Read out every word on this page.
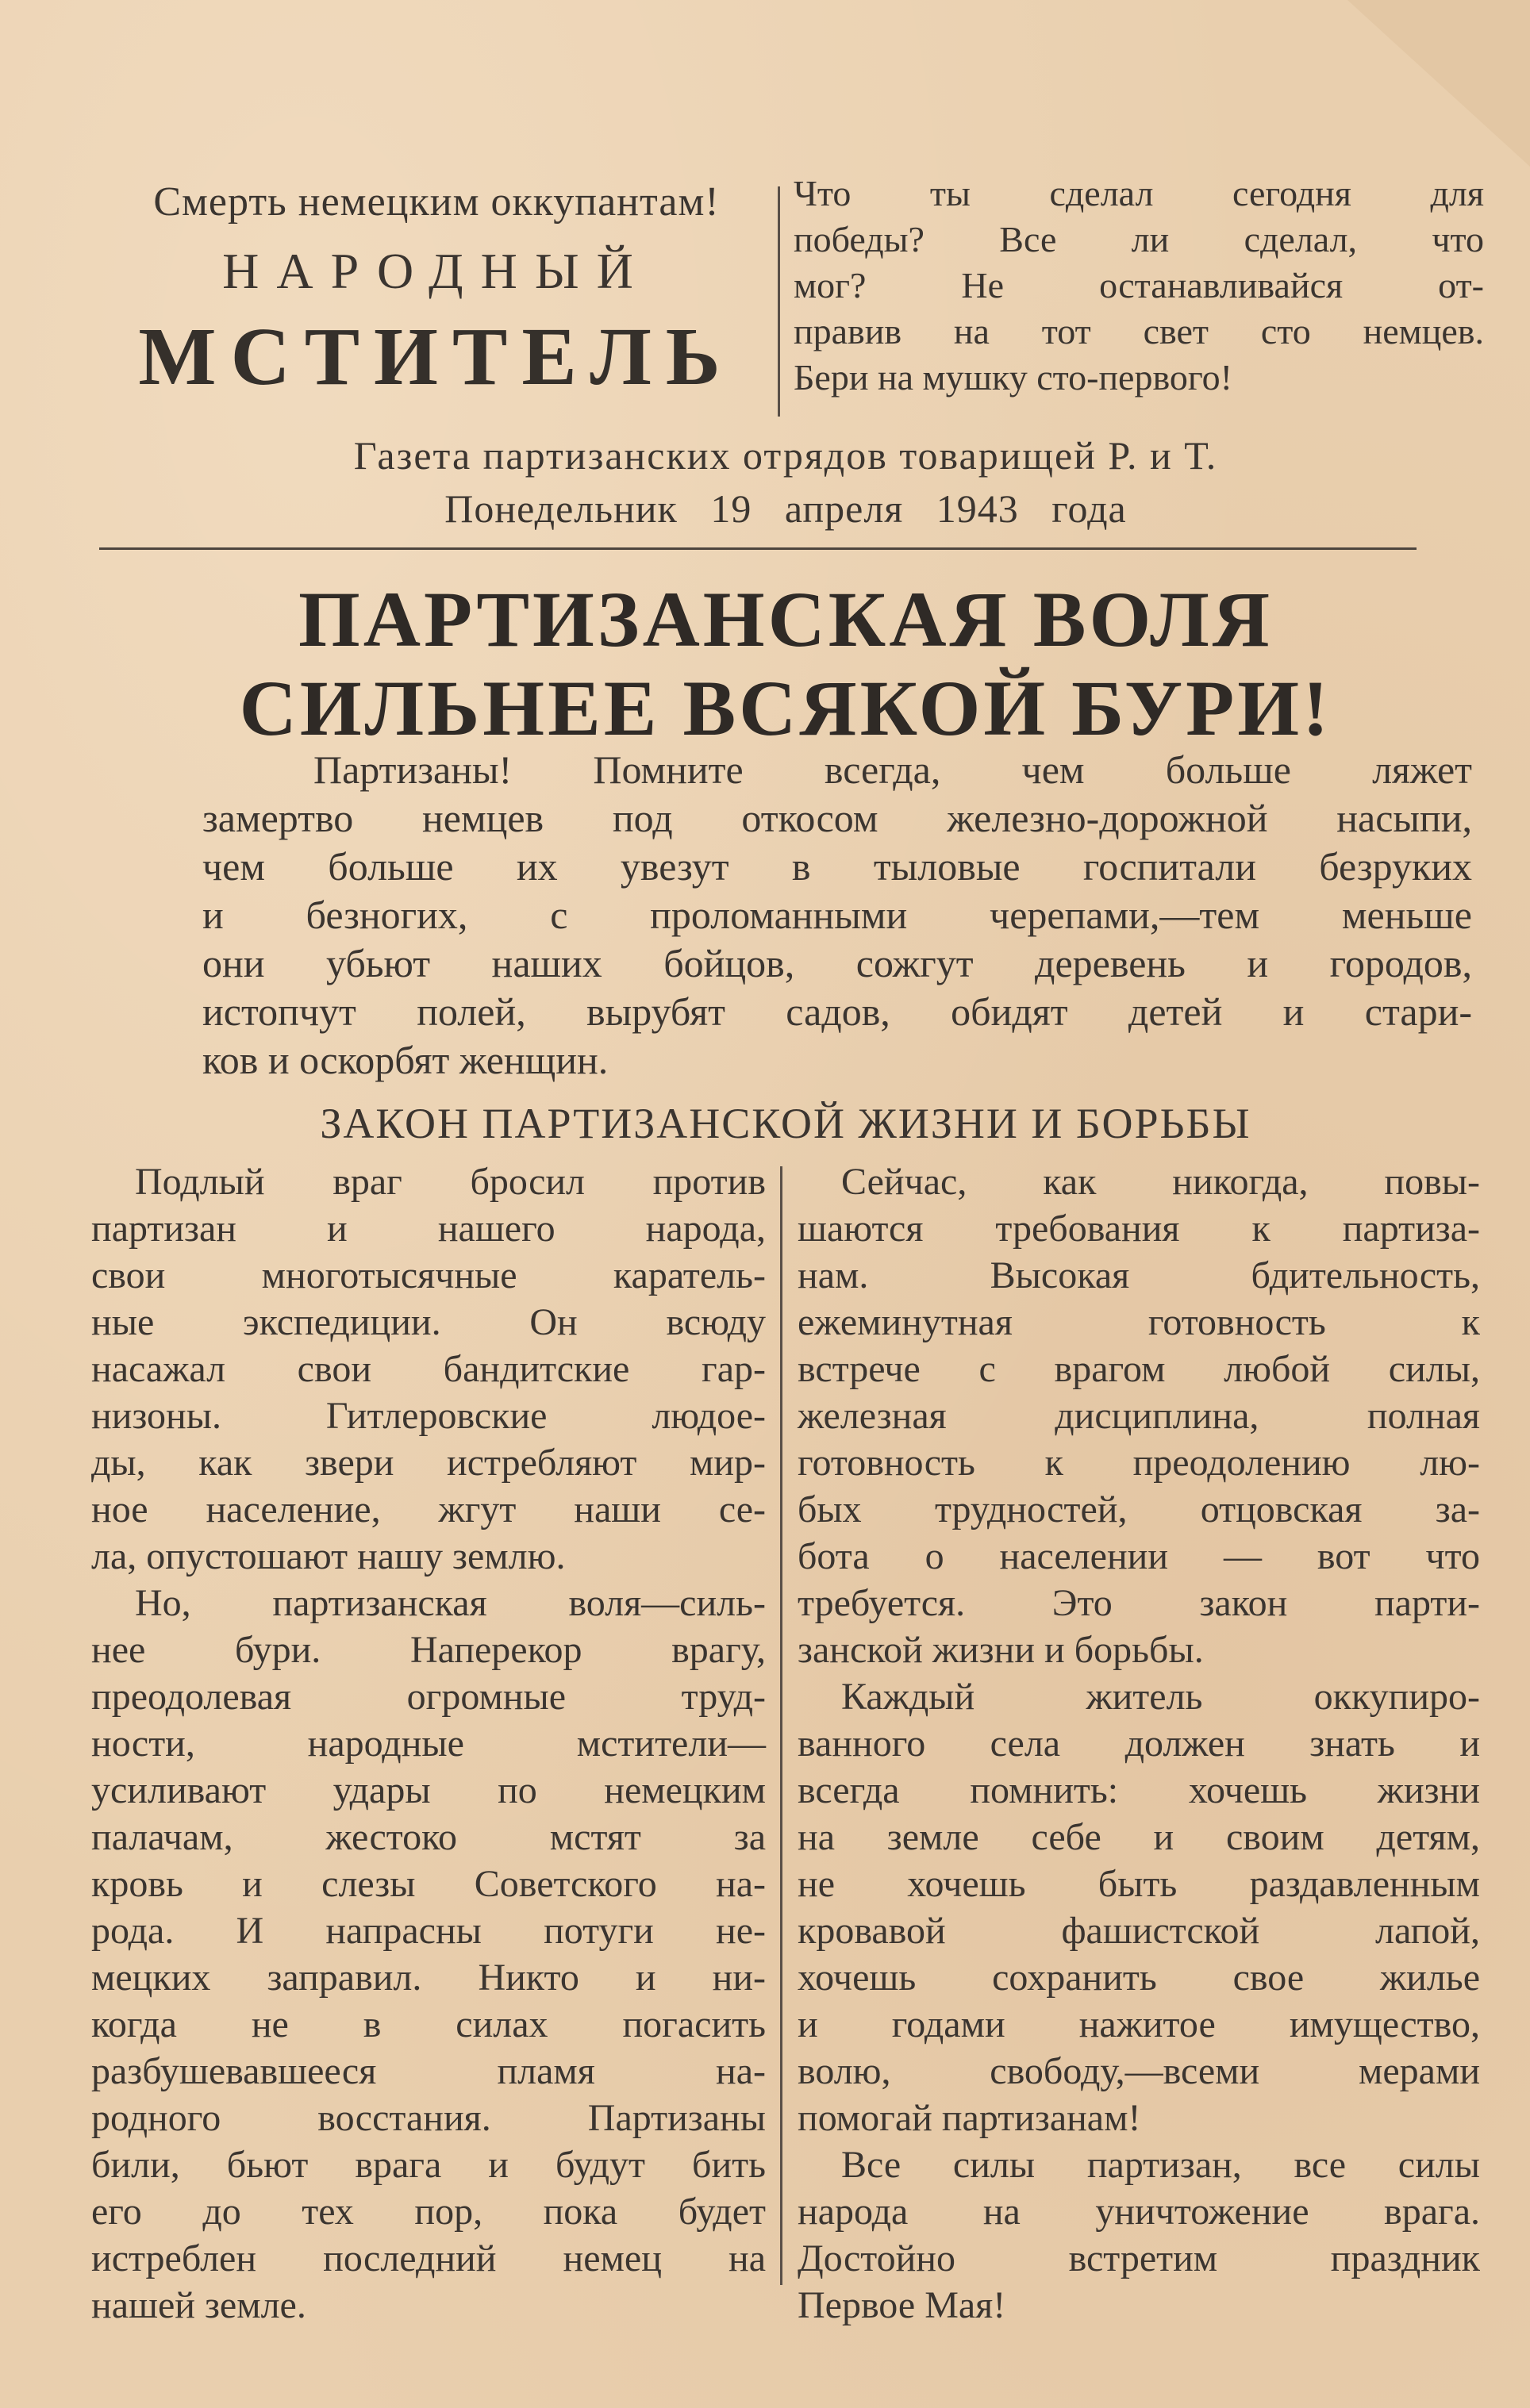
Смерть немецким оккупантам!
НАРОДНЫЙ
МСТИТЕЛЬ
Что ты сделал сегодня для
победы? Все ли сделал, что
мог? Не останавливайся от-
правив на тот свет сто немцев.
Бери на мушку сто-первого!
Газета партизанских отрядов товарищей Р. и Т.
Понедельник 19 апреля 1943 года
ПАРТИЗАНСКАЯ ВОЛЯ
СИЛЬНЕЕ ВСЯКОЙ БУРИ!
Партизаны! Помните всегда, чем больше ляжет
замертво немцев под откосом железно-дорожной насыпи,
чем больше их увезут в тыловые госпитали безруких
и безногих, с проломанными черепами,—тем меньше
они убьют наших бойцов, сожгут деревень и городов,
истопчут полей, вырубят садов, обидят детей и стари-
ков и оскорбят женщин.
ЗАКОН ПАРТИЗАНСКОЙ ЖИЗНИ И БОРЬБЫ
Подлый враг бросил против
партизан и нашего народа,
свои многотысячные каратель-
ные экспедиции. Он всюду
насажал свои бандитские гар-
низоны. Гитлеровские людое-
ды, как звери истребляют мир-
ное население, жгут наши се-
ла, опустошают нашу землю.
Но, партизанская воля—силь-
нее бури. Наперекор врагу,
преодолевая огромные труд-
ности, народные мстители—
усиливают удары по немецким
палачам, жестоко мстят за
кровь и слезы Советского на-
рода. И напрасны потуги не-
мецких заправил. Никто и ни-
когда не в силах погасить
разбушевавшееся пламя на-
родного восстания. Партизаны
били, бьют врага и будут бить
его до тех пор, пока будет
истреблен последний немец на
нашей земле.
Сейчас, как никогда, повы-
шаются требования к партиза-
нам. Высокая бдительность,
ежеминутная готовность к
встрече с врагом любой силы,
железная дисциплина, полная
готовность к преодолению лю-
бых трудностей, отцовская за-
бота о населении — вот что
требуется. Это закон парти-
занской жизни и борьбы.
Каждый житель оккупиро-
ванного села должен знать и
всегда помнить: хочешь жизни
на земле себе и своим детям,
не хочешь быть раздавленным
кровавой фашистской лапой,
хочешь сохранить свое жилье
и годами нажитое имущество,
волю, свободу,—всеми мерами
помогай партизанам!
Все силы партизан, все силы
народа на уничтожение врага.
Достойно встретим праздник
Первое Мая!
